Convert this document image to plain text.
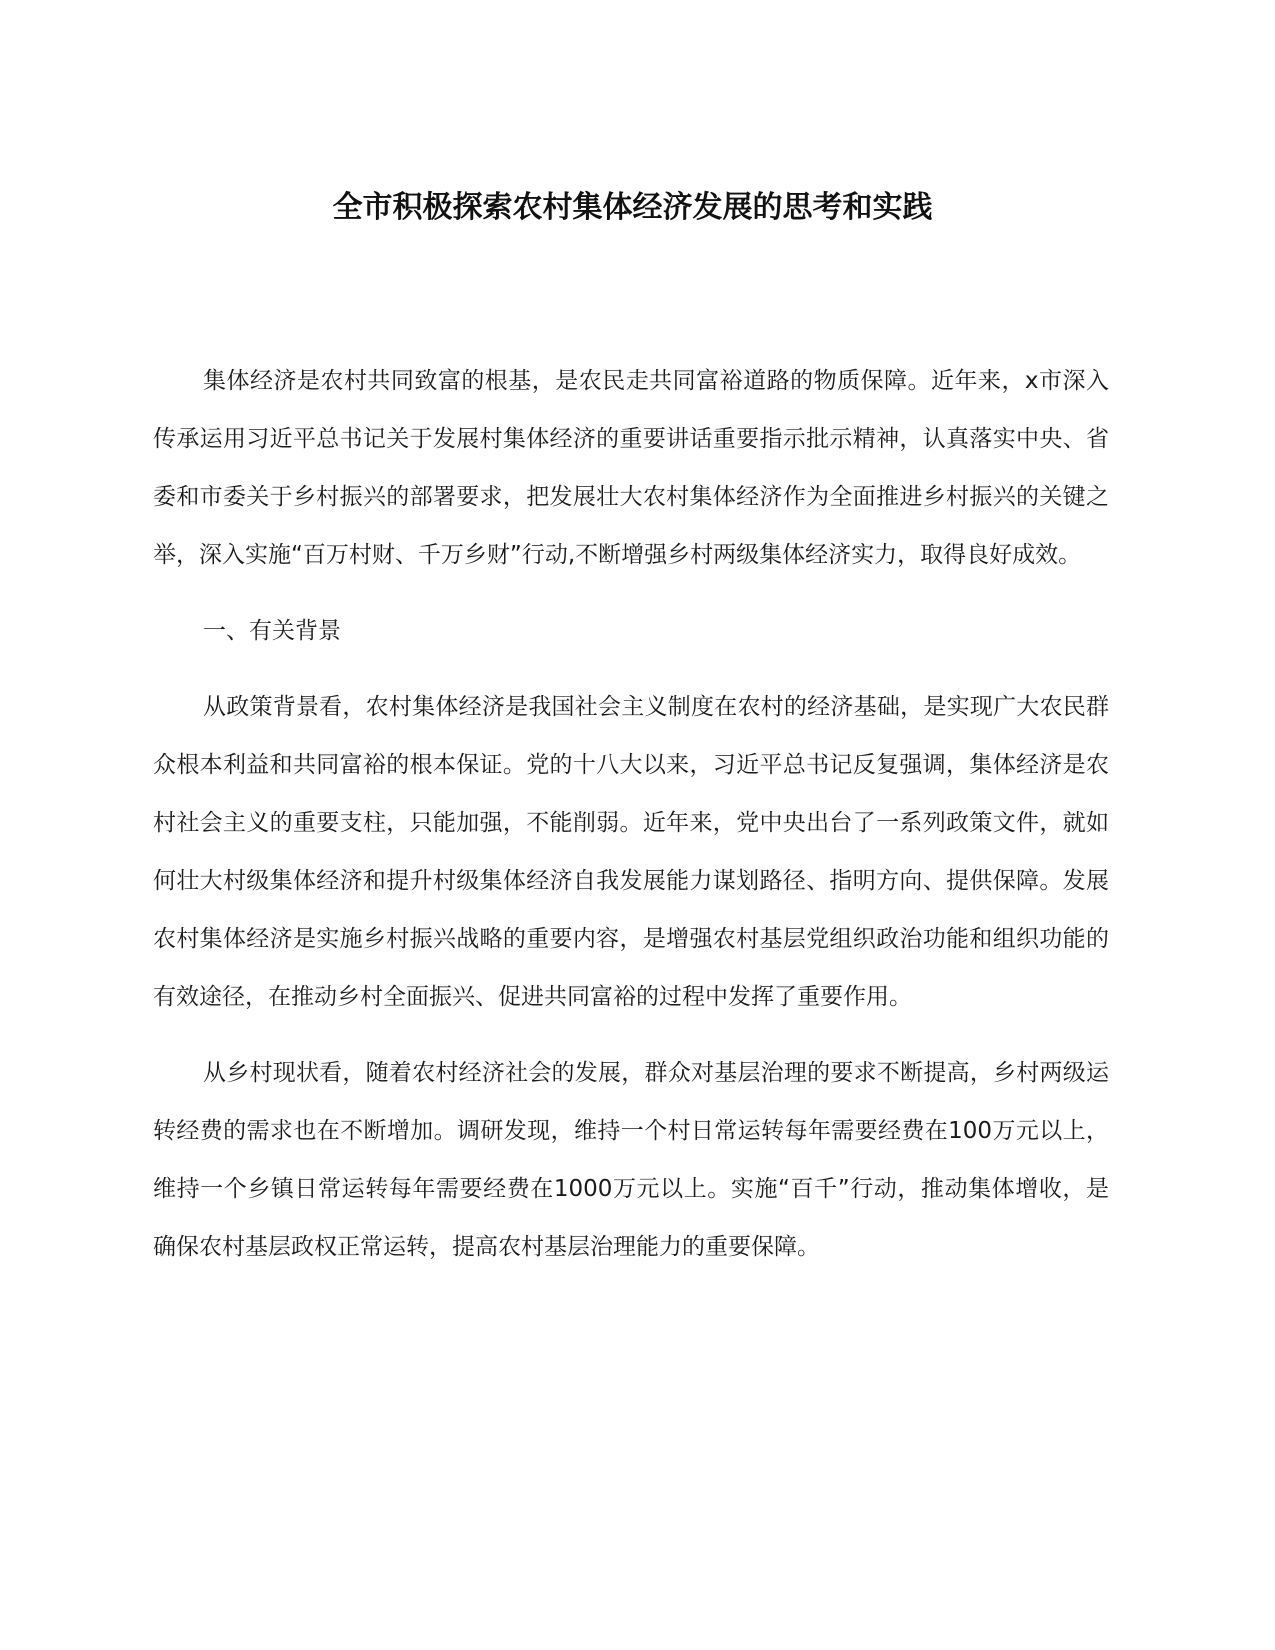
全市积极探索农村集体经济发展的思考和实践

集体经济是农村共同致富的根基，是农民走共同富裕道路的物质保障。近年来，x市深入传承运用习近平总书记关于发展村集体经济的重要讲话重要指示批示精神，认真落实中央、省委和市委关于乡村振兴的部署要求，把发展壮大农村集体经济作为全面推进乡村振兴的关键之举，深入实施“百万村财、千万乡财”行动,不断增强乡村两级集体经济实力，取得良好成效。

一、有关背景

从政策背景看，农村集体经济是我国社会主义制度在农村的经济基础，是实现广大农民群众根本利益和共同富裕的根本保证。党的十八大以来，习近平总书记反复强调，集体经济是农村社会主义的重要支柱，只能加强，不能削弱。近年来，党中央出台了一系列政策文件，就如何壮大村级集体经济和提升村级集体经济自我发展能力谋划路径、指明方向、提供保障。发展农村集体经济是实施乡村振兴战略的重要内容，是增强农村基层党组织政治功能和组织功能的有效途径，在推动乡村全面振兴、促进共同富裕的过程中发挥了重要作用。

从乡村现状看，随着农村经济社会的发展，群众对基层治理的要求不断提高，乡村两级运转经费的需求也在不断增加。调研发现，维持一个村日常运转每年需要经费在100万元以上，维持一个乡镇日常运转每年需要经费在1000万元以上。实施“百千”行动，推动集体增收，是确保农村基层政权正常运转，提高农村基层治理能力的重要保障。
